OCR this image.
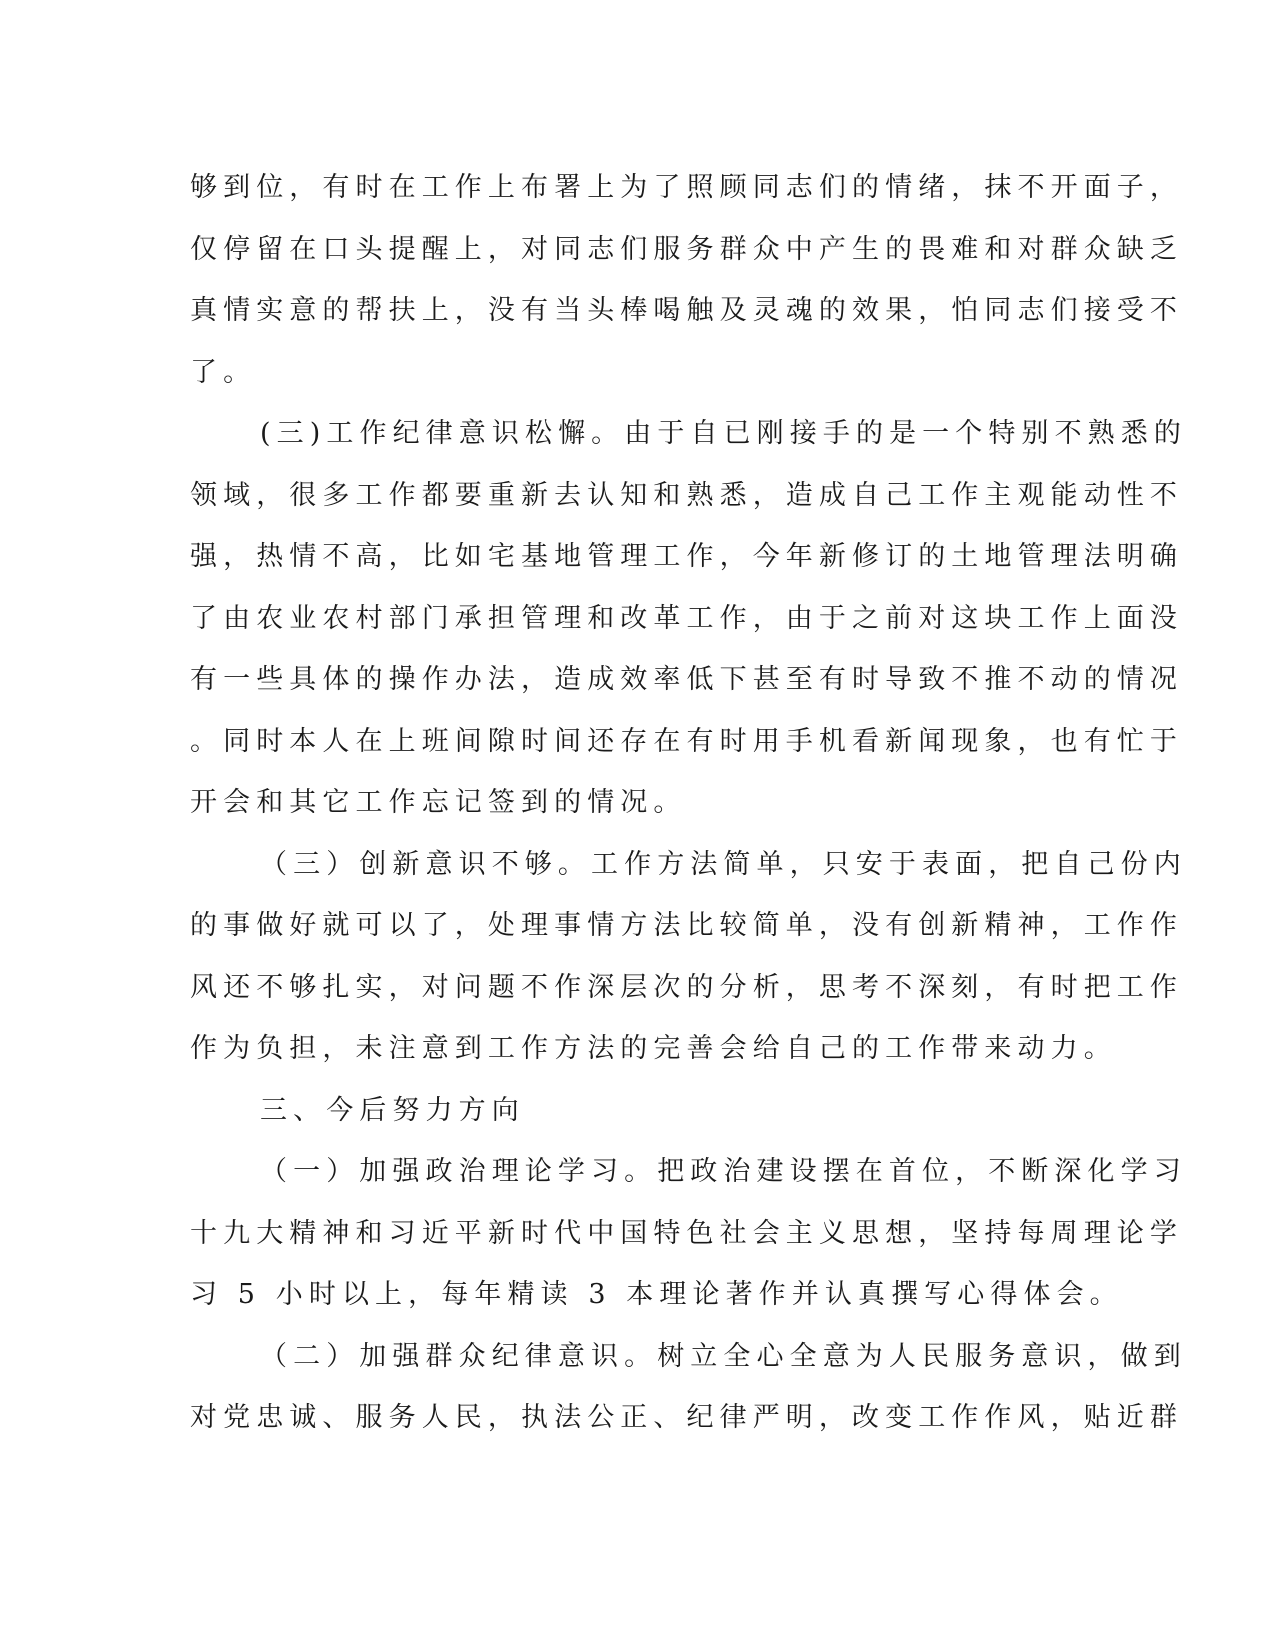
够到位，有时在工作上布署上为了照顾同志们的情绪，抹不开面子，
仅停留在口头提醒上，对同志们服务群众中产生的畏难和对群众缺乏
真情实意的帮扶上，没有当头棒喝触及灵魂的效果，怕同志们接受不
了。
(三)工作纪律意识松懈。由于自已刚接手的是一个特别不熟悉的
领域，很多工作都要重新去认知和熟悉，造成自己工作主观能动性不
强，热情不高，比如宅基地管理工作，今年新修订的土地管理法明确
了由农业农村部门承担管理和改革工作，由于之前对这块工作上面没
有一些具体的操作办法，造成效率低下甚至有时导致不推不动的情况
。同时本人在上班间隙时间还存在有时用手机看新闻现象，也有忙于
开会和其它工作忘记签到的情况。
（三）创新意识不够。工作方法简单，只安于表面，把自己份内
的事做好就可以了，处理事情方法比较简单，没有创新精神，工作作
风还不够扎实，对问题不作深层次的分析，思考不深刻，有时把工作
作为负担，未注意到工作方法的完善会给自己的工作带来动力。
三、今后努力方向
（一）加强政治理论学习。把政治建设摆在首位，不断深化学习
十九大精神和习近平新时代中国特色社会主义思想，坚持每周理论学
习 5 小时以上，每年精读 3 本理论著作并认真撰写心得体会。
（二）加强群众纪律意识。树立全心全意为人民服务意识，做到
对党忠诚、服务人民，执法公正、纪律严明，改变工作作风，贴近群
